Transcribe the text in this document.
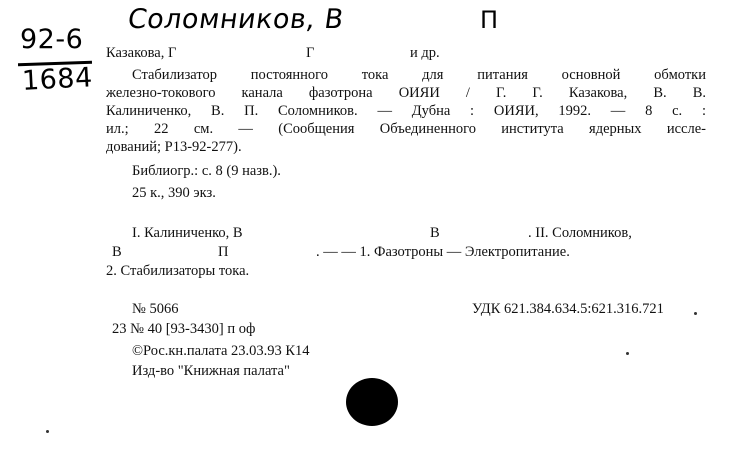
Соломников, В	П
92-6
1684
Казакова, Г	Г	и др.
Стабилизатор постоянного тока для питания основной обмотки
железно-токового канала фазотрона ОИЯИ / Г. Г. Казакова, В. В.
Калиниченко, В. П. Соломников. — Дубна : ОИЯИ, 1992. — 8 с. :
ил.; 22 см. — (Сообщения Объединенного института ядерных иссле-
дований; Р13-92-277).
Библиогр.: с. 8 (9 назв.).
25 к., 390 экз.
I. Калиниченко, В	В	. II. Соломников,
В	П	. — — 1. Фазотроны — Электропитание.
2. Стабилизаторы тока.
№ 5066	УДК 621.384.634.5:621.316.721
23 № 40 [93-3430] п оф
©Рос.кн.палата 23.03.93 К14
Изд-во "Книжная палата"
